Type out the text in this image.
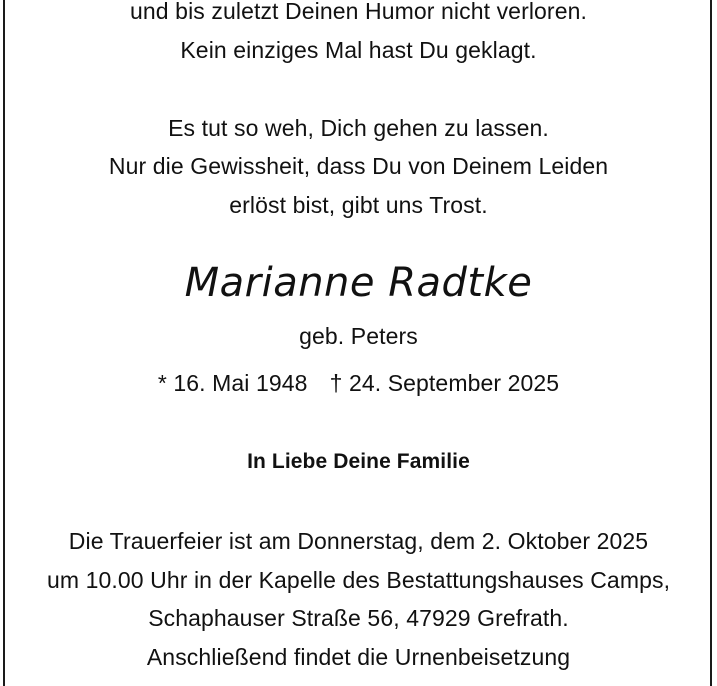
und bis zuletzt Deinen Humor nicht verloren.
Kein einziges Mal hast Du geklagt.
Es tut so weh, Dich gehen zu lassen.
Nur die Gewissheit, dass Du von Deinem Leiden
erlöst bist, gibt uns Trost.
Marianne Radtke
geb. Peters
* 16. Mai 1948 † 24. September 2025
In Liebe Deine Familie
Die Trauerfeier ist am Donnerstag, dem 2. Oktober 2025
um 10.00 Uhr in der Kapelle des Bestattungshauses Camps,
Schaphauser Straße 56, 47929 Grefrath.
Anschließend findet die Urnenbeisetzung
